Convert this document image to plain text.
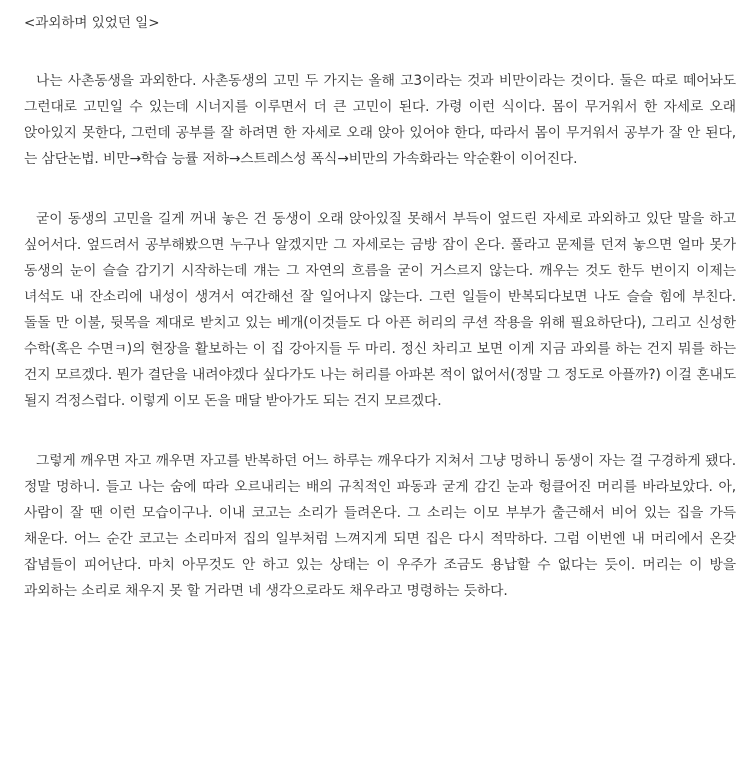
<과외하며 있었던 일>

나는 사촌동생을 과외한다. 사촌동생의 고민 두 가지는 올해 고3이라는 것과 비만이라는 것이다. 둘은 따로 떼어놔도 그런대로 고민일 수 있는데 시너지를 이루면서 더 큰 고민이 된다. 가령 이런 식이다. 몸이 무거워서 한 자세로 오래 앉아있지 못한다, 그런데 공부를 잘 하려면 한 자세로 오래 앉아 있어야 한다, 따라서 몸이 무거워서 공부가 잘 안 된다, 는 삼단논법. 비만→학습 능률 저하→스트레스성 폭식→비만의 가속화라는 악순환이 이어진다.

굳이 동생의 고민을 길게 꺼내 놓은 건 동생이 오래 앉아있질 못해서 부득이 엎드린 자세로 과외하고 있단 말을 하고 싶어서다. 엎드려서 공부해봤으면 누구나 알겠지만 그 자세로는 금방 잠이 온다. 풀라고 문제를 던져 놓으면 얼마 못가 동생의 눈이 슬슬 감기기 시작하는데 걔는 그 자연의 흐름을 굳이 거스르지 않는다. 깨우는 것도 한두 번이지 이제는 녀석도 내 잔소리에 내성이 생겨서 여간해선 잘 일어나지 않는다. 그런 일들이 반복되다보면 나도 슬슬 힘에 부친다. 돌돌 만 이불, 뒷목을 제대로 받치고 있는 베개(이것들도 다 아픈 허리의 쿠션 작용을 위해 필요하단다), 그리고 신성한 수학(혹은 수면ㅋ)의 현장을 활보하는 이 집 강아지들 두 마리. 정신 차리고 보면 이게 지금 과외를 하는 건지 뭐를 하는 건지 모르겠다. 뭔가 결단을 내려야겠다 싶다가도 나는 허리를 아파본 적이 없어서(정말 그 정도로 아플까?) 이걸 혼내도 될지 걱정스럽다. 이렇게 이모 돈을 매달 받아가도 되는 건지 모르겠다.

그렇게 깨우면 자고 깨우면 자고를 반복하던 어느 하루는 깨우다가 지쳐서 그냥 멍하니 동생이 자는 걸 구경하게 됐다. 정말 멍하니. 들고 나는 숨에 따라 오르내리는 배의 규칙적인 파동과 굳게 감긴 눈과 헝클어진 머리를 바라보았다. 아,사람이 잘 땐 이런 모습이구나. 이내 코고는 소리가 들려온다. 그 소리는 이모 부부가 출근해서 비어 있는 집을 가득 채운다. 어느 순간 코고는 소리마저 집의 일부처럼 느껴지게 되면 집은 다시 적막하다. 그럼 이번엔 내 머리에서 온갖 잡념들이 피어난다. 마치 아무것도 안 하고 있는 상태는 이 우주가 조금도 용납할 수 없다는 듯이. 머리는 이 방을 과외하는 소리로 채우지 못 할 거라면 네 생각으로라도 채우라고 명령하는 듯하다.
